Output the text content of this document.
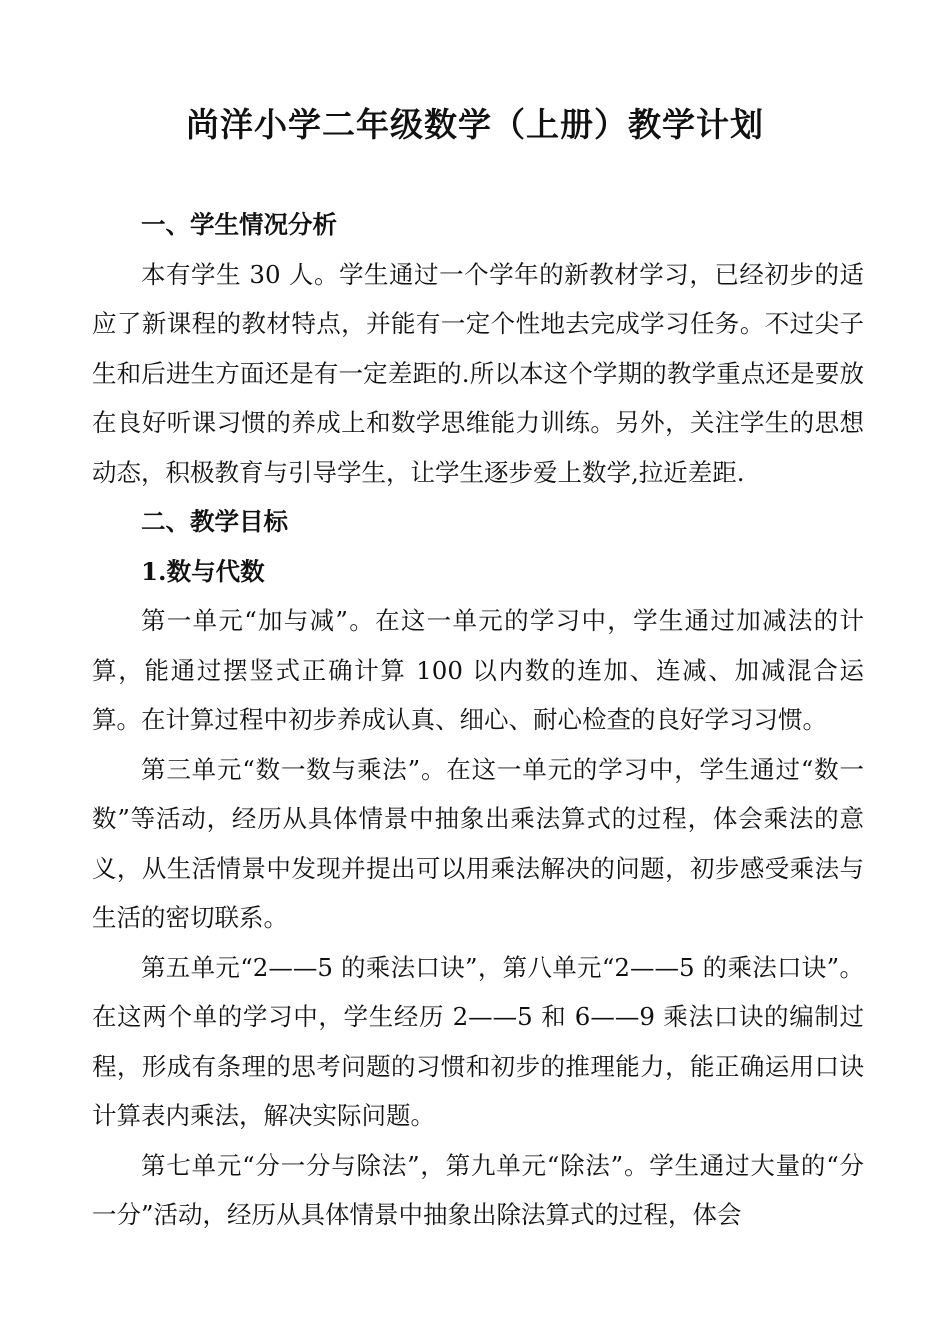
尚洋小学二年级数学（上册）教学计划

一、学生情况分析

本有学生 30 人。学生通过一个学年的新教材学习，已经初步的适应了新课程的教材特点，并能有一定个性地去完成学习任务。不过尖子生和后进生方面还是有一定差距的.所以本这个学期的教学重点还是要放在良好听课习惯的养成上和数学思维能力训练。另外，关注学生的思想动态，积极教育与引导学生，让学生逐步爱上数学,拉近差距.

二、教学目标

1.数与代数

第一单元“加与减”。在这一单元的学习中，学生通过加减法的计算，能通过摆竖式正确计算 100 以内数的连加、连减、加减混合运算。在计算过程中初步养成认真、细心、耐心检查的良好学习习惯。

第三单元“数一数与乘法”。在这一单元的学习中，学生通过“数一数”等活动，经历从具体情景中抽象出乘法算式的过程，体会乘法的意义，从生活情景中发现并提出可以用乘法解决的问题，初步感受乘法与生活的密切联系。

第五单元“2——5 的乘法口诀”，第八单元“2——5 的乘法口诀”。在这两个单的学习中，学生经历 2——5 和 6——9 乘法口诀的编制过程，形成有条理的思考问题的习惯和初步的推理能力，能正确运用口诀计算表内乘法，解决实际问题。

第七单元“分一分与除法”，第九单元“除法”。学生通过大量的“分一分”活动，经历从具体情景中抽象出除法算式的过程，体会
